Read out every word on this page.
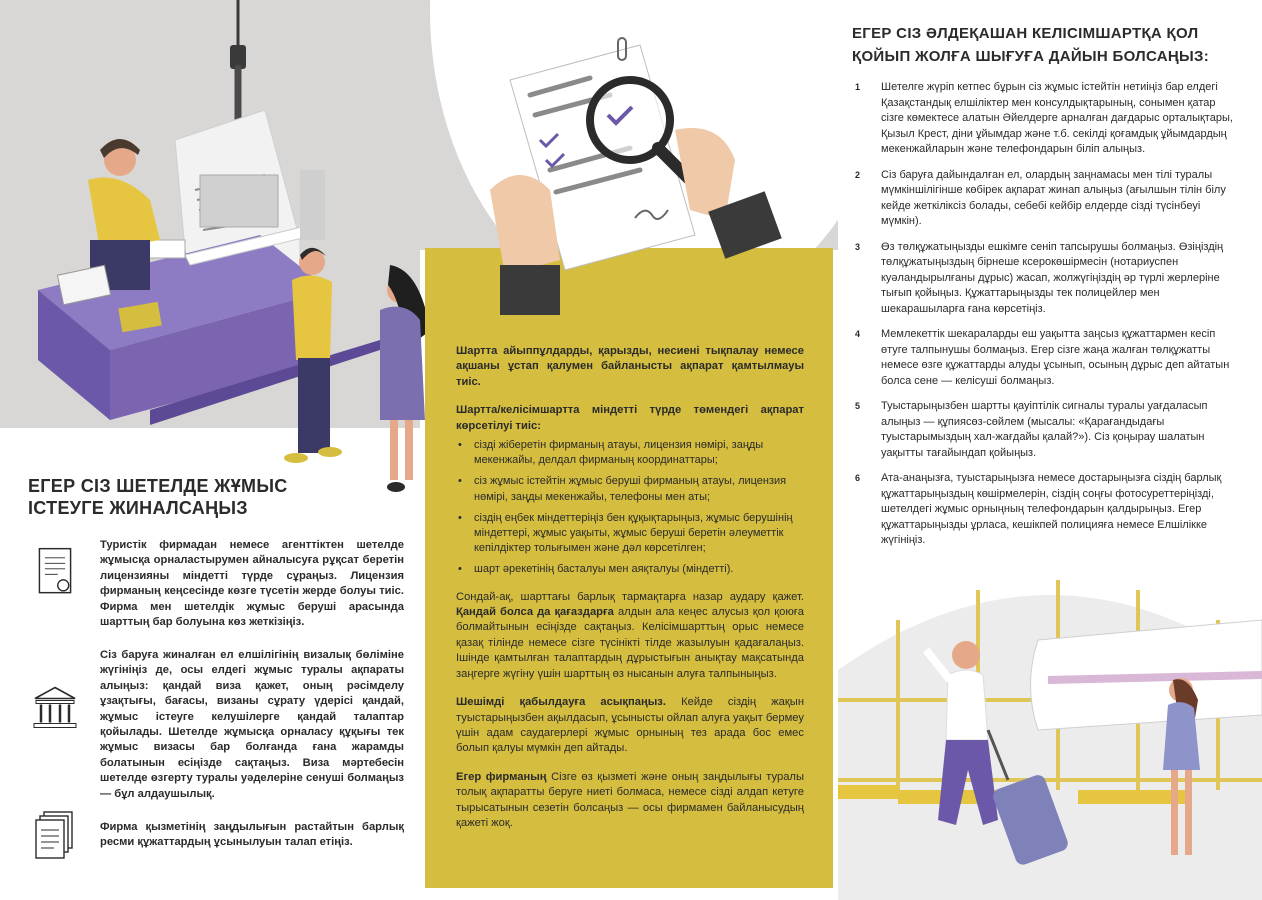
ЕГЕР СІЗ ШЕТЕЛДЕ ЖҰМЫС ІСТЕУГЕ ЖИНАЛСАҢЫЗ
Туристік фирмадан немесе агенттіктен шетелде жұмысқа орналастырумен айналысуға рұқсат беретін лицензияны міндетті түрде сұраңыз. Лицензия фирманың кеңсесінде көзге түсетін жерде болуы тиіс. Фирма мен шетелдік жұмыс беруші арасында шарттың бар болуына көз жеткізіңіз.
Сіз баруға жиналған ел елшілігінің визалық бөліміне жүгініңіз де, осы елдегі жұмыс туралы ақпараты алыңыз: қандай виза қажет, оның рәсімделу ұзақтығы, бағасы, визаны сұрату үдерісі қандай, жұмыс істеуге келушілерге қандай талаптар қойылады. Шетелде жұмысқа орналасу құқығы тек жұмыс визасы бар болғанда ғана жарамды болатынын есіңізде сақтаңыз. Виза мәртебесін шетелде өзгерту туралы уәделеріне сенуші болмаңыз — бұл алдаушылық.
Фирма қызметінің заңдылығын растайтын барлық ресми құжаттардың ұсынылуын талап етіңіз.

Шартта айыппұлдарды, қарызды, несиені тықпалау немесе ақшаны ұстап қалумен байланысты ақпарат қамтылмауы тиіс.

Шартта/келісімшартта міндетті түрде төмендегі ақпарат көрсетілуі тиіс:

• сізді жіберетін фирманың атауы, лицензия нөмірі, заңды мекенжайы, делдал фирманың координаттары;
• сіз жұмыс істейтін жұмыс беруші фирманың атауы, лицензия нөмірі, заңды мекенжайы, телефоны мен аты;
• сіздің еңбек міндеттеріңіз бен құқықтарыңыз, жұмыс берушінің міндеттері, жұмыс уақыты, жұмыс беруші беретін әлеуметтік кепілдіктер толығымен және дәл көрсетілген;
• шарт әрекетінің басталуы мен аяқталуы (міндетті).

Сондай-ақ, шарттағы барлық тармақтарға назар аудару қажет. Қандай болса да қағаздарға алдын ала кеңес алусыз қол қоюға болмайтынын есіңізде сақтаңыз. Келісімшарттың орыс немесе қазақ тілінде немесе сізге түсінікті тілде жазылуын қадағалаңыз. Ішінде қамтылған талаптардың дұрыстығын анықтау мақсатында заңгерге жүгіну үшін шарттың өз нысанын алуға талпыныңыз.

Шешімді қабылдауға асықпаңыз. Кейде сіздің жақын туыстарыңызбен ақылдасып, ұсынысты ойлап алуға уақыт бермеу үшін адам саудагерлері жұмыс орнының тез арада бос емес болып қалуы мүмкін деп айтады.

Егер фирманың Сізге өз қызметі және оның заңдылығы туралы толық ақпаратты беруге ниеті болмаса, немесе сізді алдап кетуге тырысатынын сезетін болсаңыз — осы фирмамен байланысудың қажеті жоқ.

ЕГЕР СІЗ ӘЛДЕҚАШАН КЕЛІСІМШАРТҚА ҚОЛ ҚОЙЫП ЖОЛҒА ШЫҒУҒА ДАЙЫН БОЛСАҢЫЗ:
1 Шетелге жүріп кетпес бұрын сіз жұмыс істейтін нетиіңіз бар елдегі Қазақстандық елшіліктер мен консулдықтарының, сонымен қатар сізге көмектесе алатын Әйелдерге арналған дағдарыс орталықтары, Қызыл Крест, діни ұйымдар және т.б. секілді қоғамдық ұйымдардың мекенжайларын және телефондарын біліп алыңыз.
2 Сіз баруға дайындалған ел, олардың заңнамасы мен тілі туралы мүмкіншілігінше көбірек ақпарат жинап алыңыз (ағылшын тілін білу кейде жеткіліксіз болады, себебі кейбір елдерде сізді түсінбеуі мүмкін).
3 Өз төлқұжатыңызды ешкімге сеніп тапсырушы болмаңыз. Өзіңіздің төлқұжатыңыздың бірнеше ксерокөшірмесін (нотариуспен куәландырылғаны дұрыс) жасап, жолжүгіңіздің әр түрлі жерлеріне тығып қойыңыз. Құжаттарыңызды тек полицейлер мен шекарашыларға ғана көрсетіңіз.
4 Мемлекеттік шекараларды еш уақытта заңсыз құжаттармен кесіп өтуге талпынушы болмаңыз. Егер сізге жаңа жалған төлқұжатты немесе өзге құжаттарды алуды ұсынып, осының дұрыс деп айтатын болса сене — келісуші болмаңыз.
5 Туыстарыңызбен шартты қауіптілік сигналы туралы уағдаласып алыңыз — құпиясөз-сөйлем (мысалы: «Қарағандыдағы туыстарымыздың хал-жағдайы қалай?»). Сіз қоңырау шалатын уақытты тағайындап қойыңыз.
6 Ата-анаңызға, туыстарыңызға немесе достарыңызға сіздің барлық құжаттарыңыздың көшірмелерін, сіздің соңғы фотосуреттеріңізді, шетелдегі жұмыс орныңның телефондарын қалдырыңыз. Егер құжаттарыңызды ұрласа, кешікпей полицияға немесе Елшілікке жүгініңіз.
